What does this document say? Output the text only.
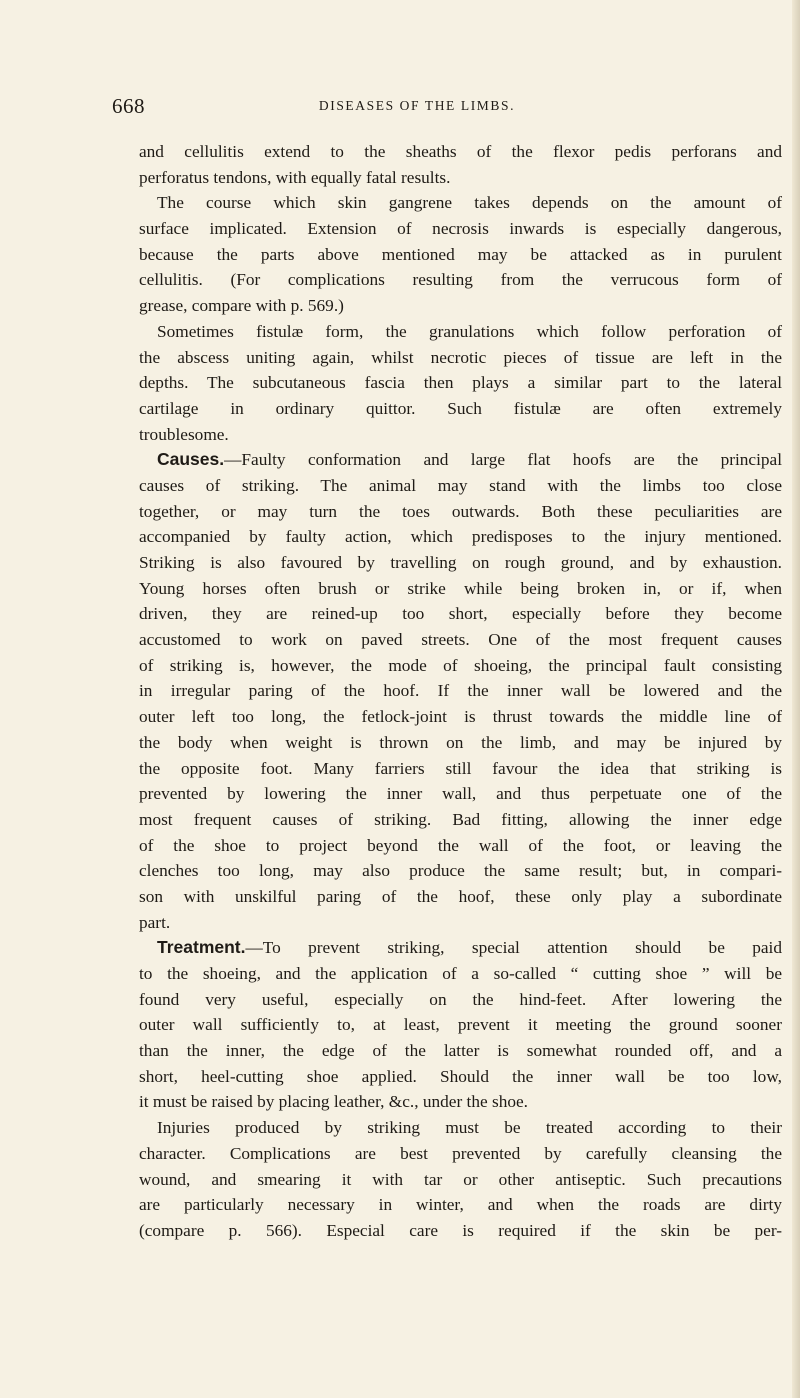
668	DISEASES OF THE LIMBS.
and cellulitis extend to the sheaths of the flexor pedis perforans and
perforatus tendons, with equally fatal results.
The course which skin gangrene takes depends on the amount of
surface implicated. Extension of necrosis inwards is especially dangerous,
because the parts above mentioned may be attacked as in purulent
cellulitis. (For complications resulting from the verrucous form of
grease, compare with p. 569.)
Sometimes fistulæ form, the granulations which follow perforation of
the abscess uniting again, whilst necrotic pieces of tissue are left in the
depths. The subcutaneous fascia then plays a similar part to the lateral
cartilage in ordinary quittor. Such fistulæ are often extremely
troublesome.
Causes.—Faulty conformation and large flat hoofs are the principal
causes of striking. The animal may stand with the limbs too close
together, or may turn the toes outwards. Both these peculiarities are
accompanied by faulty action, which predisposes to the injury mentioned.
Striking is also favoured by travelling on rough ground, and by exhaustion.
Young horses often brush or strike while being broken in, or if, when
driven, they are reined-up too short, especially before they become
accustomed to work on paved streets. One of the most frequent causes
of striking is, however, the mode of shoeing, the principal fault consisting
in irregular paring of the hoof. If the inner wall be lowered and the
outer left too long, the fetlock-joint is thrust towards the middle line of
the body when weight is thrown on the limb, and may be injured by
the opposite foot. Many farriers still favour the idea that striking is
prevented by lowering the inner wall, and thus perpetuate one of the
most frequent causes of striking. Bad fitting, allowing the inner edge
of the shoe to project beyond the wall of the foot, or leaving the
clenches too long, may also produce the same result; but, in compari-
son with unskilful paring of the hoof, these only play a subordinate
part.
Treatment.—To prevent striking, special attention should be paid
to the shoeing, and the application of a so-called “ cutting shoe ” will be
found very useful, especially on the hind-feet. After lowering the
outer wall sufficiently to, at least, prevent it meeting the ground sooner
than the inner, the edge of the latter is somewhat rounded off, and a
short, heel-cutting shoe applied. Should the inner wall be too low,
it must be raised by placing leather, &c., under the shoe.
Injuries produced by striking must be treated according to their
character. Complications are best prevented by carefully cleansing the
wound, and smearing it with tar or other antiseptic. Such precautions
are particularly necessary in winter, and when the roads are dirty
(compare p. 566). Especial care is required if the skin be per-
